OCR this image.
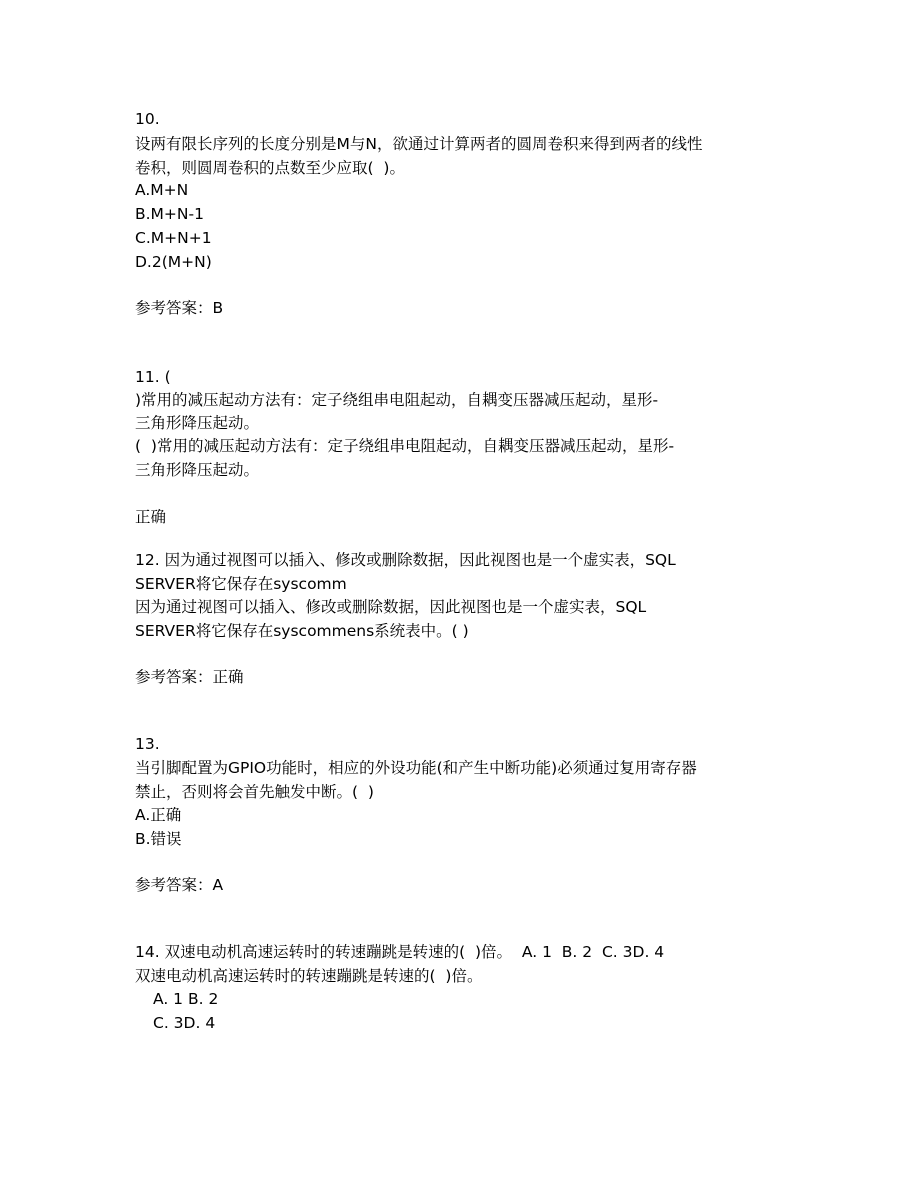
10.
设两有限长序列的长度分别是M与N，欲通过计算两者的圆周卷积来得到两者的线性
卷积，则圆周卷积的点数至少应取(  )。
A.M+N
B.M+N-1
C.M+N+1
D.2(M+N)
参考答案：B
11. (
)常用的减压起动方法有：定子绕组串电阻起动，自耦变压器减压起动，星形-
三角形降压起动。
(  )常用的减压起动方法有：定子绕组串电阻起动，自耦变压器减压起动，星形-
三角形降压起动。
正确
12. 因为通过视图可以插入、修改或删除数据，因此视图也是一个虚实表，SQL
SERVER将它保存在syscomm
因为通过视图可以插入、修改或删除数据，因此视图也是一个虚实表，SQL
SERVER将它保存在syscommens系统表中。( )
参考答案：正确
13.
当引脚配置为GPIO功能时，相应的外设功能(和产生中断功能)必须通过复用寄存器
禁止，否则将会首先触发中断。(  )
A.正确
B.错误
参考答案：A
14. 双速电动机高速运转时的转速蹦跳是转速的(  )倍。  A. 1  B. 2  C. 3D. 4
双速电动机高速运转时的转速蹦跳是转速的(  )倍。
A. 1 B. 2
C. 3D. 4
